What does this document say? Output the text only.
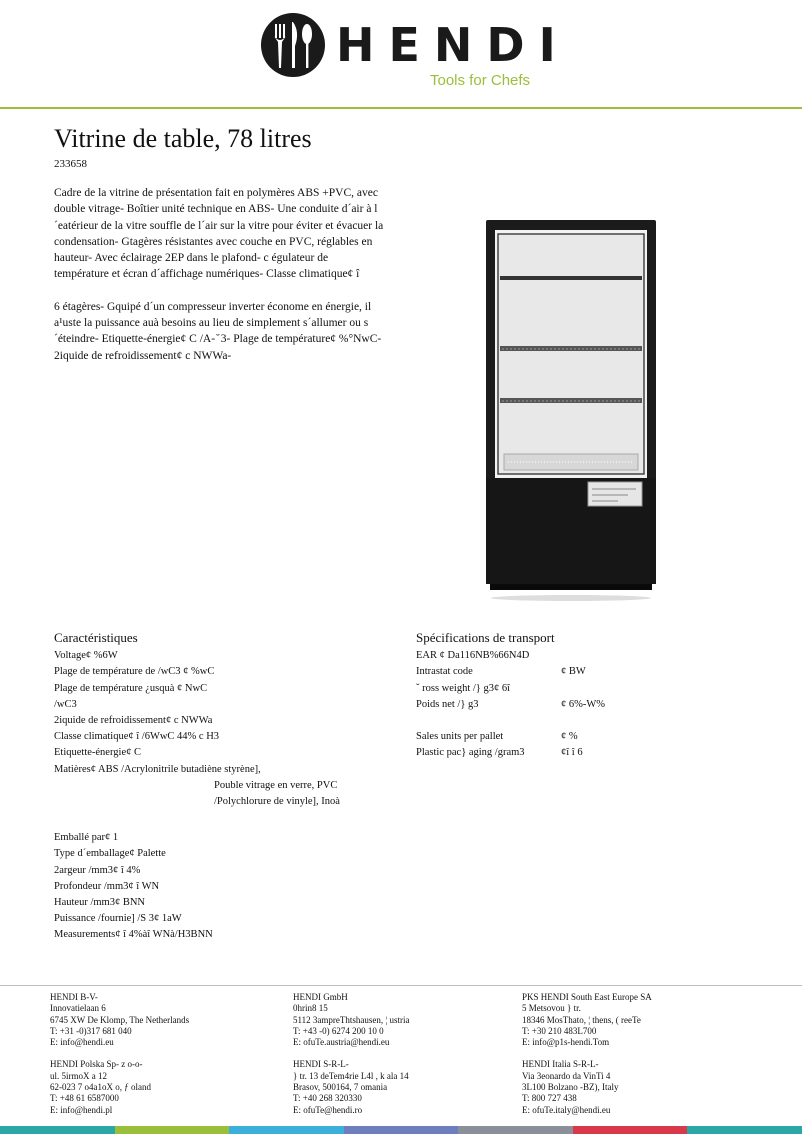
HENDI
Tools for Chefs
Vitrine de table, 78 litres
233658

Cadre de la vitrine de présentation fait en polymères ABS +PVC, avec double vitrage- Boîtier unité technique en ABS- Une conduite d´air à l´eatérieur de la vitre souffle de l´air sur la vitre pour éviter et évacuer la condensation- Gtagères résistantes avec couche en PVC, réglables en hauteur- Avec éclairage 2EP dans le plafond- c égulateur de température et écran d´affichage numériques- Classe climatique¢ î

6 étagères- Gquipé d´un compresseur inverter économe en énergie, il a¹uste la puissance auà besoins au lieu de simplement s´allumer ou s´éteindre- Etiquette-énergie¢ C /A- ̆ 3- Plage de température¢ %°NwC- 2iquide de refroidissement¢ c NWWa-

Caractéristiques
Voltage¢ %6W
Plage de température de /wC3 ¢ %wC
Plage de température ¿usquà ¢ NwC
/wC3
2iquide de refroidissement¢ c NWWa
Classe climatique¢ î /6WwC 44% c H3
Etiquette-énergie¢ C
Matières¢ ABS /Acrylonitrile butadiène styrène],
Pouble vitrage en verre, PVC
/Polychlorure de vinyle], Inoà
Emballé par¢ 1
Type d´emballage¢ Palette
2argeur /mm3¢ î 4%
Profondeur /mm3¢ î WN
Hauteur /mm3¢ BNN
Puissance /fournie] /S 3¢ 1aW
Measurements¢ î 4%àî WNà/H3BNN
Spécifications de transport
EAR ¢ Da116NB%66N4D
Intrastat code	¢ BW
ˇ ross weight /} g3¢ 6î
Poids net /} g3	¢ 6%-W%
Sales units per pallet	¢ %
Plastic pac} aging /gram3	¢î î 6
HENDI B-V-
Innovatielaan 6
6745 XW De Klomp, The Netherlands
T: +31 -0)317 681 040
E: info@hendi.eu
HENDI Polska Sp- z o-o-
ul. 5irmoX a 12
62-023 7 o4a1oX o, ƒ oland
T: +48 61 6587000
E: info@hendi.pl
HENDI GmbH
0hrin8 15
5112 3ampreThtshausen, ¦ ustria
T: +43 -0) 6274 200 10 0
E: ofuTe.austria@hendi.eu
HENDI S-R-L-
} tr. 13 deTem4rie L4l , k ala 14
Brasov, 500164, 7 omania
T: +40 268 320330
E: ofuTe@hendi.ro
PKS HENDI South East Europe SA
5 Metsovou } tr.
18346 MosThato, ¦ thens, ( reeTe
T: +30 210 483L700
E: info@p1s-hendi.Tom
HENDI Italia S-R-L-
Via 3eonardo da VinTi 4
3L100 Bolzano -BZ), Italy
T: 800 727 438
E: ofuTe.italy@hendi.eu
